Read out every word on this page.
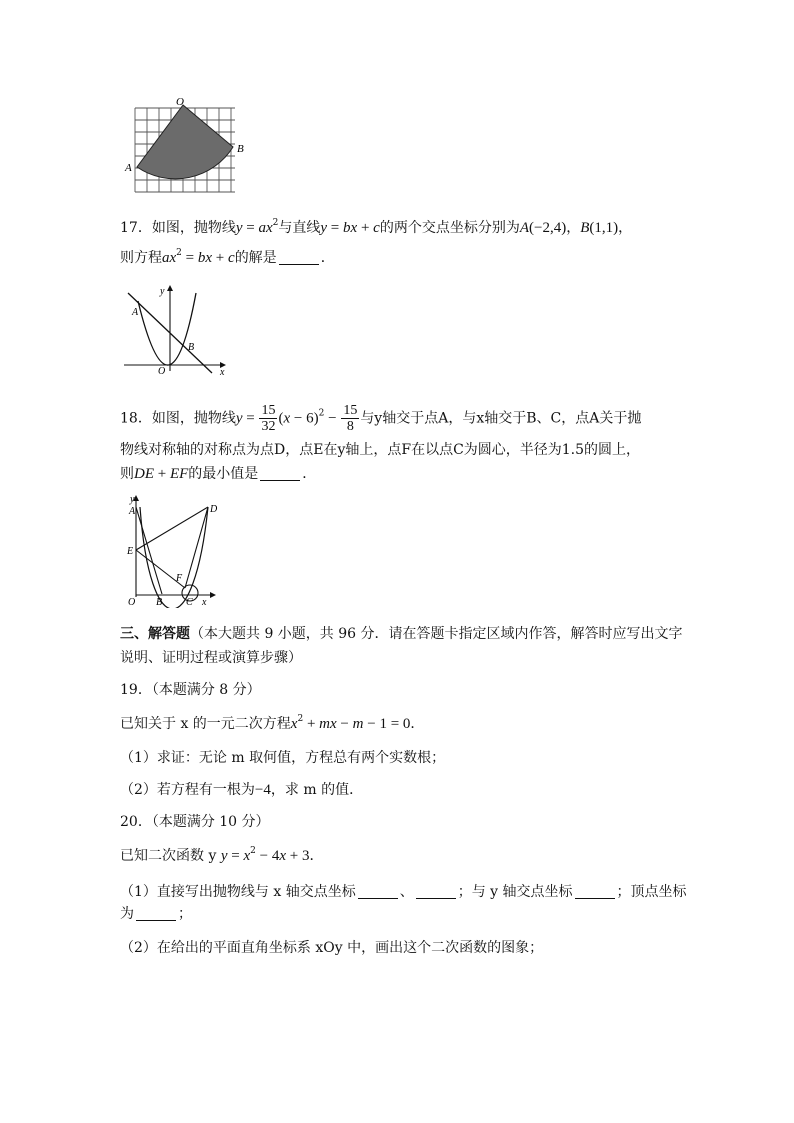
O
A
B
17．如图，抛物线$y = ax^2$与直线y = bx + c的两个交点坐标分别为A(−2,4)，B(1,1)，
则方程$ax^2$ = bx + c的解是	．
y
A
B
O	x
18．如图，抛物线$y = \frac{15}{32} (x - 6)^2 - \frac{15}{8}$ 与y轴交于点A，与x轴交于B、C，点A关于抛
物线对称轴的对称点为点D，点E在y轴上，点F在以点C为圆心，半径为1.5的圆上，
则DE + EF的最小值是	．
y
A	D
E
F
O B C x
三、解答题（本大题共 9 小题，共 96 分．请在答题卡指定区域内作答，解答时应写出文字
说明、证明过程或演算步骤）
19．（本题满分 8 分）
已知关于 x 的一元二次方程$x^2$ + mx − m − 1 = 0．
（1）求证：无论 m 取何值，方程总有两个实数根；
（2）若方程有一根为−4，求 m 的值．
20．（本题满分 10 分）
已知二次函数 y $y = x^2 - 4x + 3$．
（1）直接写出抛物线与 x 轴交点坐标	、	；与 y 轴交点坐标	；顶点坐标
为	；
（2）在给出的平面直角坐标系 xOy 中，画出这个二次函数的图象；
